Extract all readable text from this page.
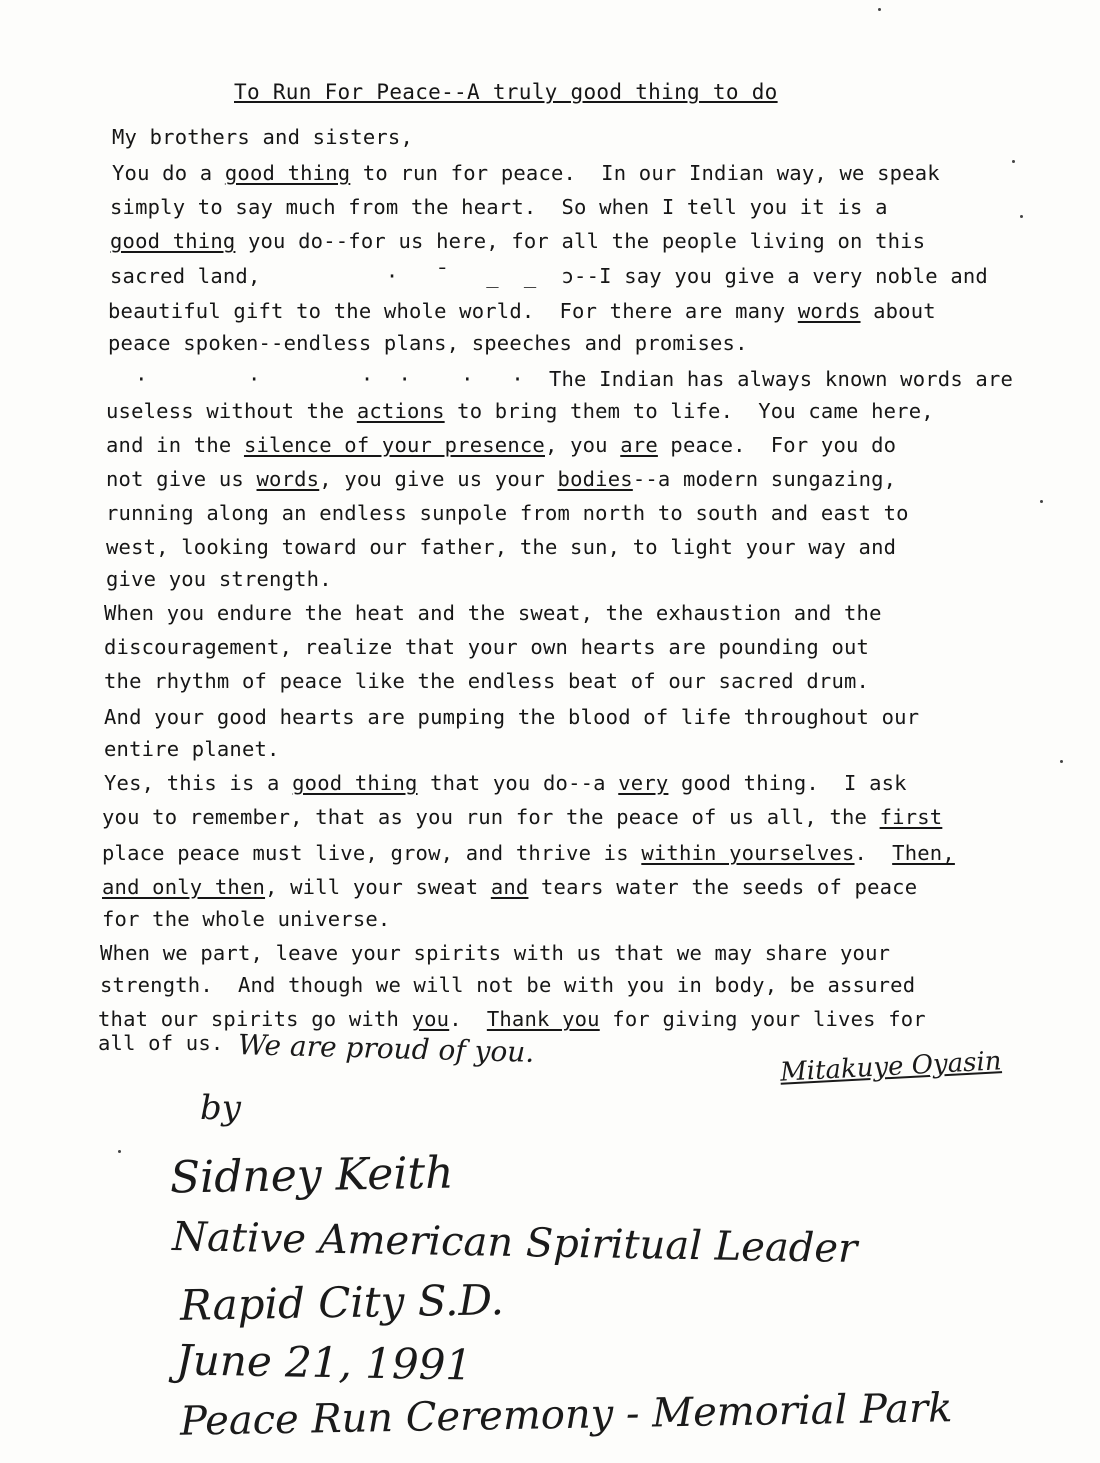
To Run For Peace--A truly good thing to do
My brothers and sisters,
You do a good thing to run for peace.  In our Indian way, we speak
simply to say much from the heart.  So when I tell you it is a
good thing you do--for us here, for all the people living on this
sacred land,          ·   ˉ   _  _  ɔ--I say you give a very noble and
beautiful gift to the whole world.  For there are many words about
peace spoken--endless plans, speeches and promises.
·        ·        ·  ·    ·   ·  The Indian has always known words are
useless without the actions to bring them to life.  You came here,
and in the silence of your presence, you are peace.  For you do
not give us words, you give us your bodies--a modern sungazing,
running along an endless sunpole from north to south and east to
west, looking toward our father, the sun, to light your way and
give you strength.
When you endure the heat and the sweat, the exhaustion and the
discouragement, realize that your own hearts are pounding out
the rhythm of peace like the endless beat of our sacred drum.
And your good hearts are pumping the blood of life throughout our
entire planet.
Yes, this is a good thing that you do--a very good thing.  I ask
you to remember, that as you run for the peace of us all, the first
place peace must live, grow, and thrive is within yourselves.  Then,
and only then, will your sweat and tears water the seeds of peace
for the whole universe.
When we part, leave your spirits with us that we may share your
strength.  And though we will not be with you in body, be assured
that our spirits go with you.  Thank you for giving your lives for
all of us. We are proud of you.	Mitakuye Oyasin
by
Sidney Keith
Native American Spiritual Leader
Rapid City S.D.
June 21, 1991
Peace Run Ceremony - Memorial Park
